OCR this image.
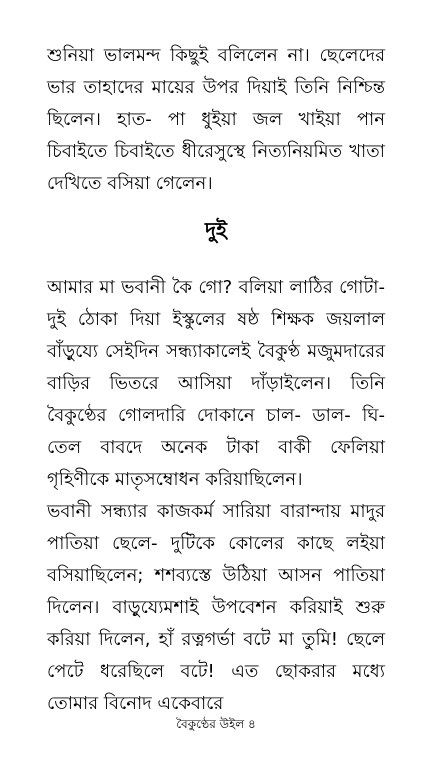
শুনিয়া ভালমন্দ কিছুই বলিলেন না। ছেলেদের ভার তাহাদের মায়ের উপর দিয়াই তিনি নিশ্চিন্ত ছিলেন। হাত- পা ধুইয়া জল খাইয়া পান চিবাইতে চিবাইতে ধীরেসুস্থে নিত্যনিয়মিত খাতা দেখিতে বসিয়া গেলেন।

দুই

আমার মা ভবানী কৈ গো? বলিয়া লাঠির গোটা- দুই ঠোকা দিয়া ইস্কুলের ষষ্ঠ শিক্ষক জয়লাল বাঁড়ুয্যে সেইদিন সন্ধ্যাকালেই বৈকুণ্ঠ মজুমদারের বাড়ির ভিতরে আসিয়া দাঁড়াইলেন। তিনি বৈকুণ্ঠের গোলদারি দোকানে চাল- ডাল- ঘি- তেল বাবদে অনেক টাকা বাকী ফেলিয়া গৃহিণীকে মাতৃসম্বোধন করিয়াছিলেন।

ভবানী সন্ধ্যার কাজকর্ম সারিয়া বারান্দায় মাদুর পাতিয়া ছেলে- দুটিকে কোলের কাছে লইয়া বসিয়াছিলেন; শশব্যস্তে উঠিয়া আসন পাতিয়া দিলেন। বাড়ুয্যেমশাই উপবেশন করিয়াই শুরু করিয়া দিলেন, হাঁ রত্নগর্ভা বটে মা তুমি! ছেলে পেটে ধরেছিলে বটে! এত ছোকরার মধ্যে তোমার বিনোদ একেবারে

বৈকুণ্ঠের উইল ৪
